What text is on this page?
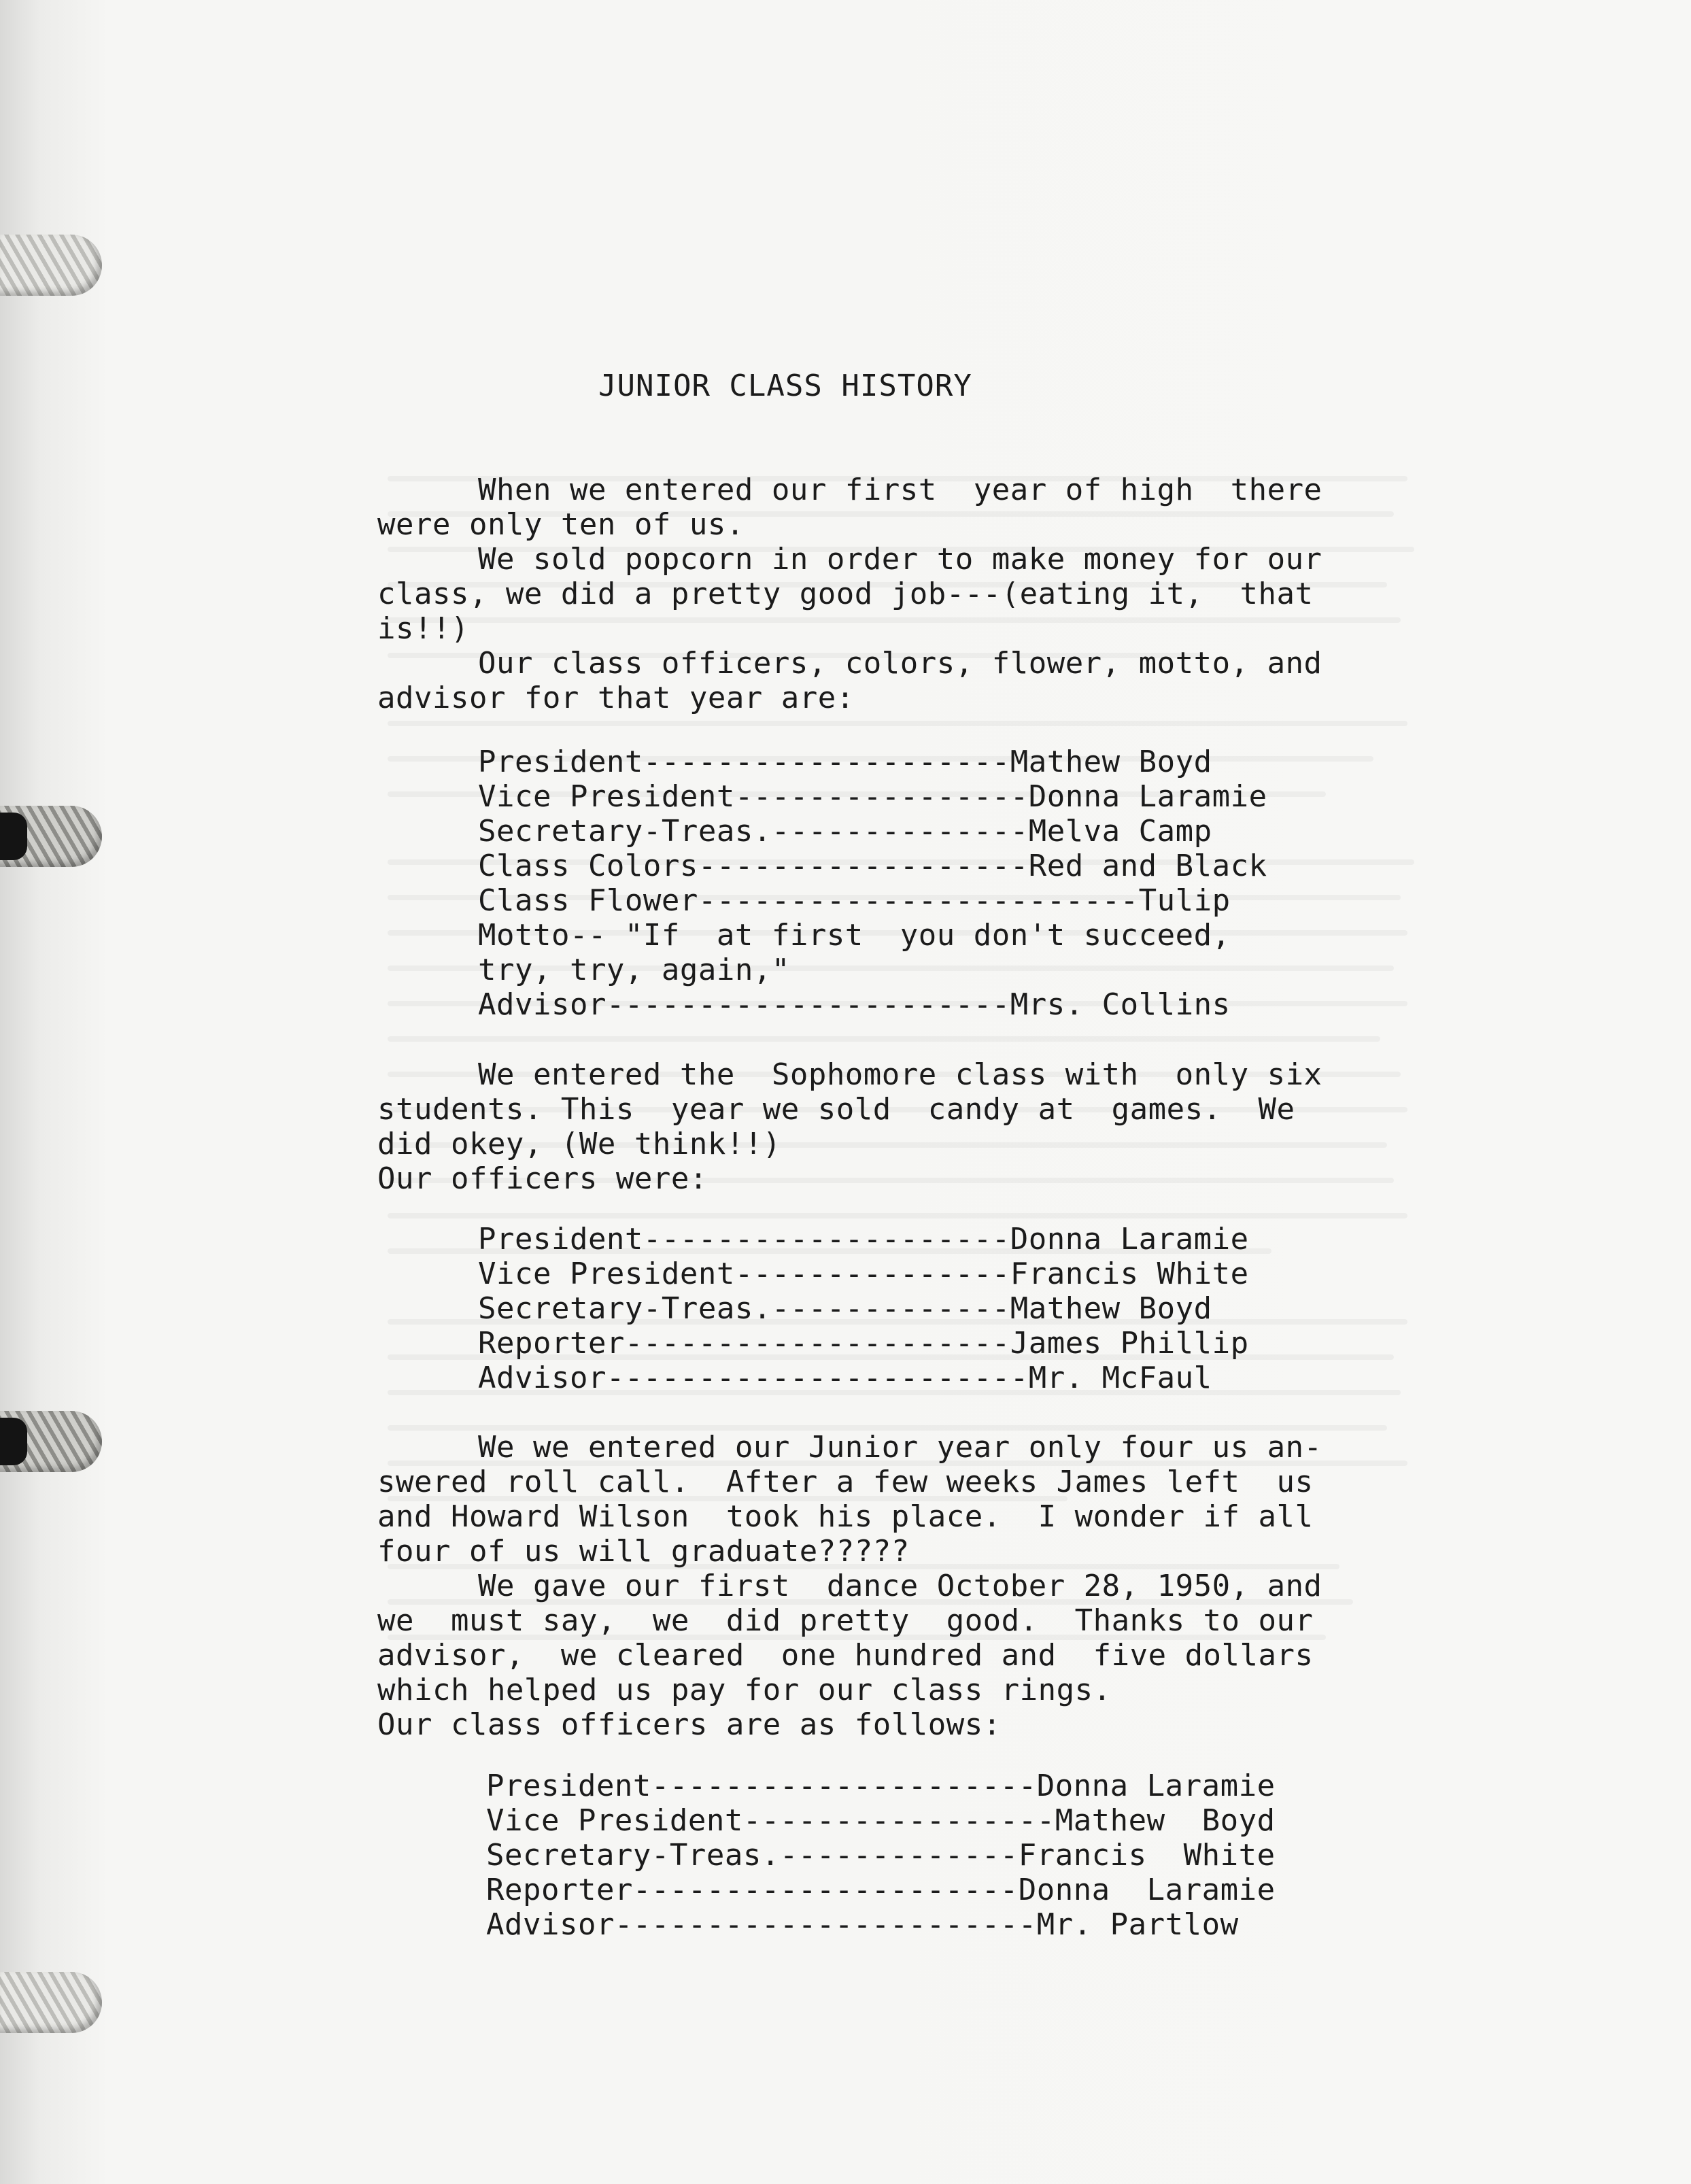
JUNIOR CLASS HISTORY
When we entered our first  year of high  there
were only ten of us.
We sold popcorn in order to make money for our
class, we did a pretty good job---(eating it,  that
is!!)
Our class officers, colors, flower, motto, and
advisor for that year are:
President--------------------Mathew Boyd
Vice President----------------Donna Laramie
Secretary-Treas.--------------Melva Camp
Class Colors------------------Red and Black
Class Flower------------------------Tulip
Motto-- "If  at first  you don't succeed,
try, try, again,"
Advisor----------------------Mrs. Collins
We entered the  Sophomore class with  only six
students. This  year we sold  candy at  games.  We
did okey, (We think!!)
Our officers were:
President--------------------Donna Laramie
Vice President---------------Francis White
Secretary-Treas.-------------Mathew Boyd
Reporter---------------------James Phillip
Advisor-----------------------Mr. McFaul
We we entered our Junior year only four us an-
swered roll call.  After a few weeks James left  us
and Howard Wilson  took his place.  I wonder if all
four of us will graduate?????
We gave our first  dance October 28, 1950, and
we  must say,  we  did pretty  good.  Thanks to our
advisor,  we cleared  one hundred and  five dollars
which helped us pay for our class rings.
Our class officers are as follows:
President---------------------Donna Laramie
Vice President-----------------Mathew  Boyd
Secretary-Treas.-------------Francis  White
Reporter---------------------Donna  Laramie
Advisor-----------------------Mr. Partlow
